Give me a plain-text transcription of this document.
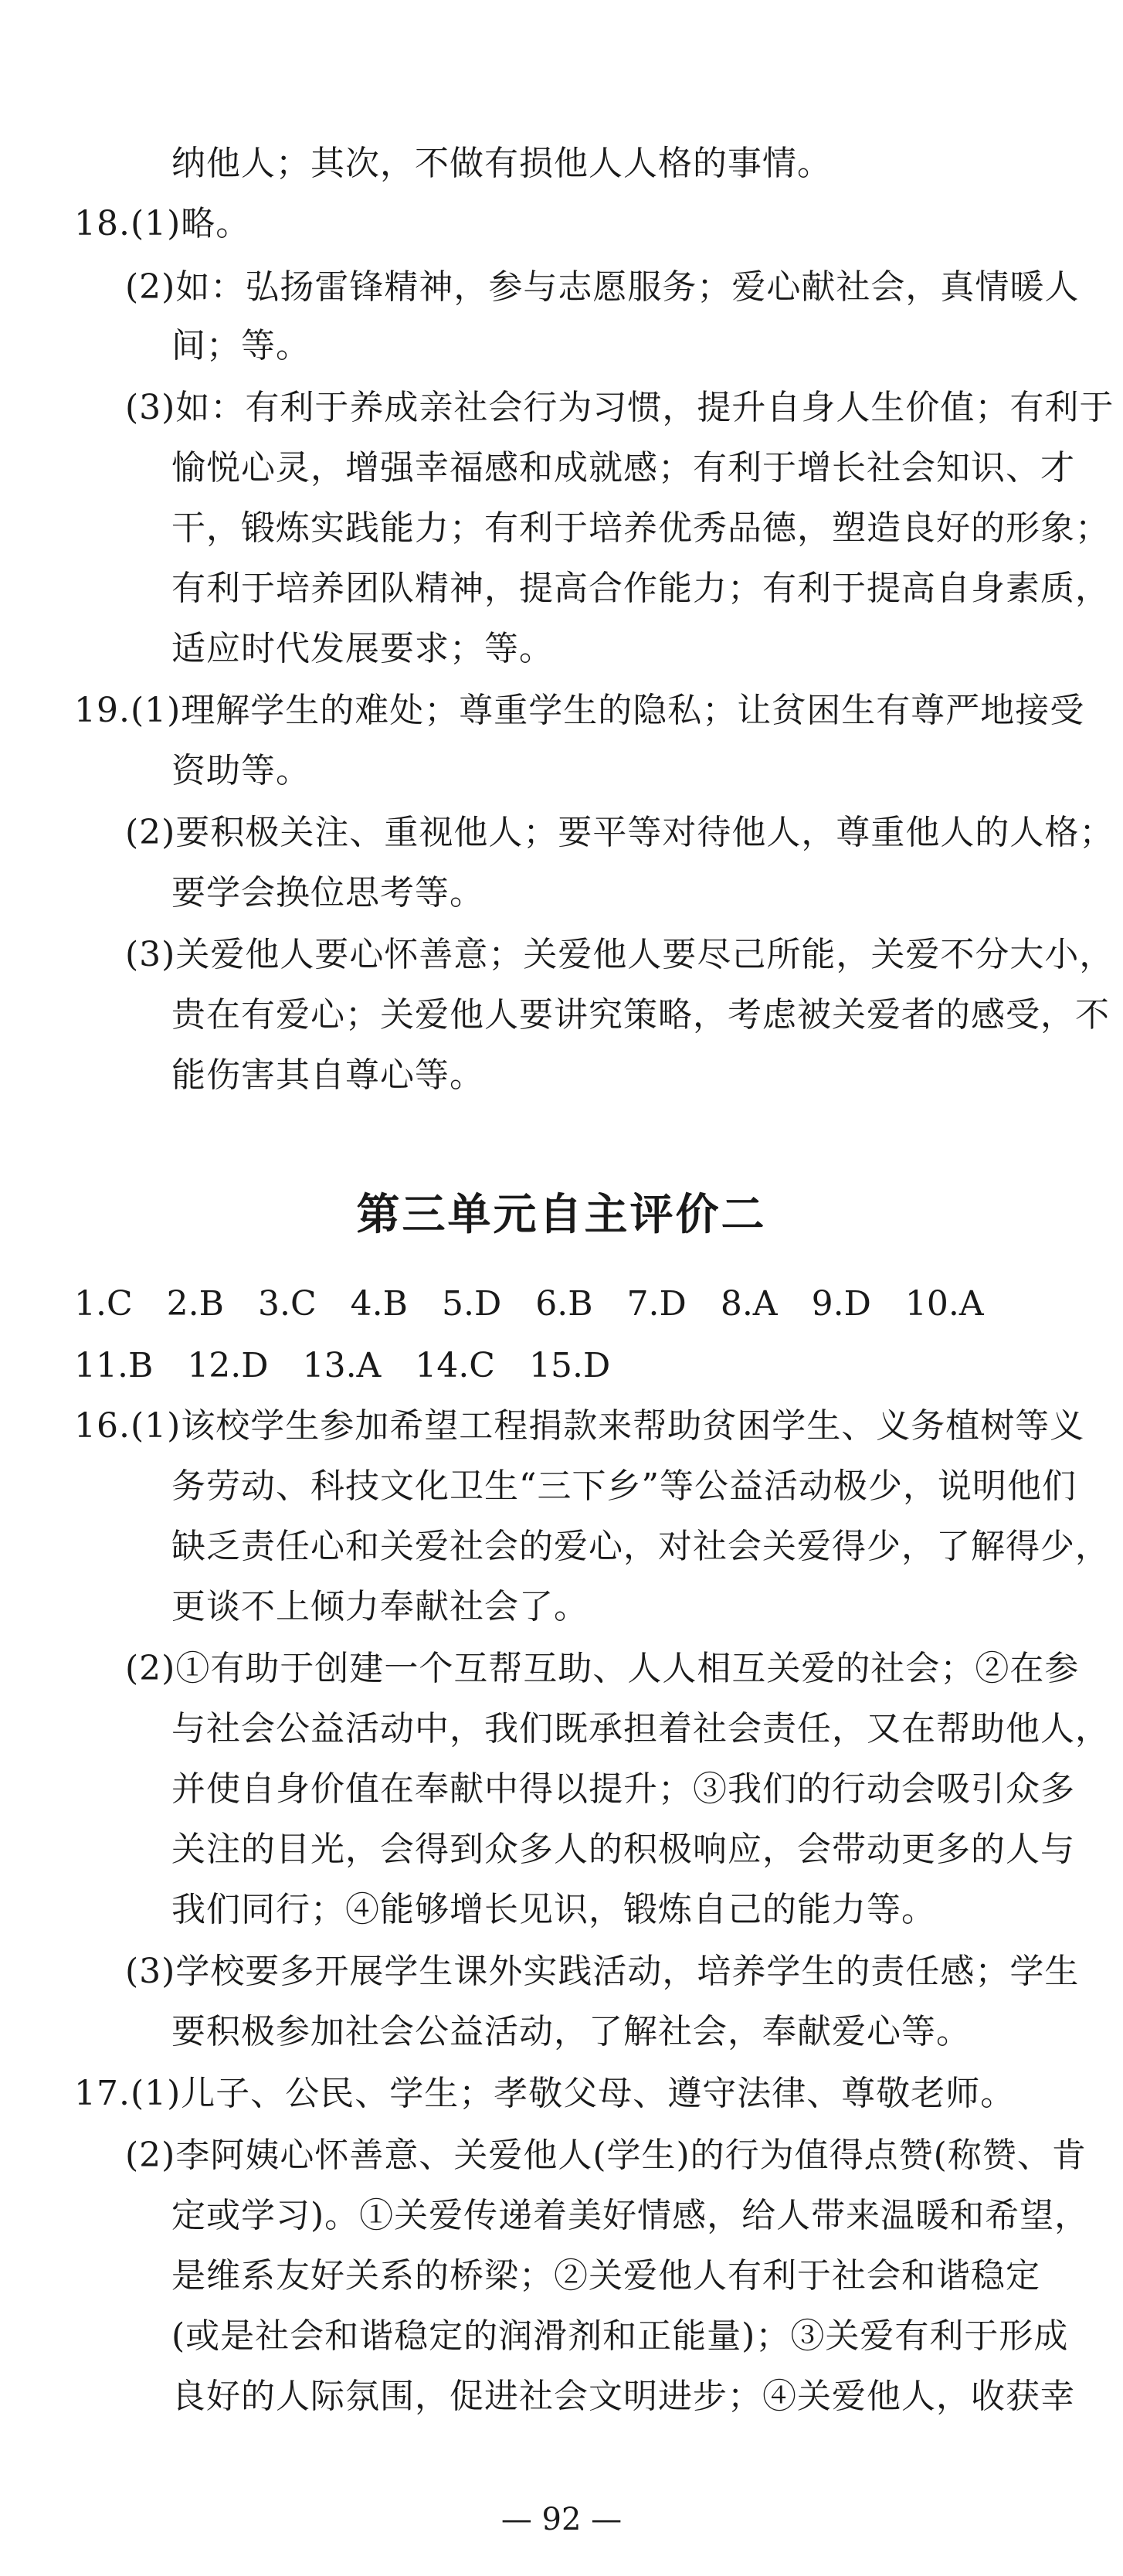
纳他人；其次，不做有损他人人格的事情。
18.(1)略。
(2)如：弘扬雷锋精神，参与志愿服务；爱心献社会，真情暖人
间；等。
(3)如：有利于养成亲社会行为习惯，提升自身人生价值；有利于
愉悦心灵，增强幸福感和成就感；有利于增长社会知识、才
干，锻炼实践能力；有利于培养优秀品德，塑造良好的形象；
有利于培养团队精神，提高合作能力；有利于提高自身素质，
适应时代发展要求；等。
19.(1)理解学生的难处；尊重学生的隐私；让贫困生有尊严地接受
资助等。
(2)要积极关注、重视他人；要平等对待他人，尊重他人的人格；
要学会换位思考等。
(3)关爱他人要心怀善意；关爱他人要尽己所能，关爱不分大小，
贵在有爱心；关爱他人要讲究策略，考虑被关爱者的感受，不
能伤害其自尊心等。
第三单元自主评价二
1.C 2.B 3.C 4.B 5.D 6.B 7.D 8.A 9.D 10.A
11.B 12.D 13.A 14.C 15.D
16.(1)该校学生参加希望工程捐款来帮助贫困学生、义务植树等义
务劳动、科技文化卫生“三下乡”等公益活动极少，说明他们
缺乏责任心和关爱社会的爱心，对社会关爱得少，了解得少，
更谈不上倾力奉献社会了。
(2)①有助于创建一个互帮互助、人人相互关爱的社会；②在参
与社会公益活动中，我们既承担着社会责任，又在帮助他人，
并使自身价值在奉献中得以提升；③我们的行动会吸引众多
关注的目光，会得到众多人的积极响应，会带动更多的人与
我们同行；④能够增长见识，锻炼自己的能力等。
(3)学校要多开展学生课外实践活动，培养学生的责任感；学生
要积极参加社会公益活动，了解社会，奉献爱心等。
17.(1)儿子、公民、学生；孝敬父母、遵守法律、尊敬老师。
(2)李阿姨心怀善意、关爱他人(学生)的行为值得点赞(称赞、肯
定或学习)。①关爱传递着美好情感，给人带来温暖和希望，
是维系友好关系的桥梁；②关爱他人有利于社会和谐稳定
(或是社会和谐稳定的润滑剂和正能量)；③关爱有利于形成
良好的人际氛围，促进社会文明进步；④关爱他人，收获幸
— 92 —
